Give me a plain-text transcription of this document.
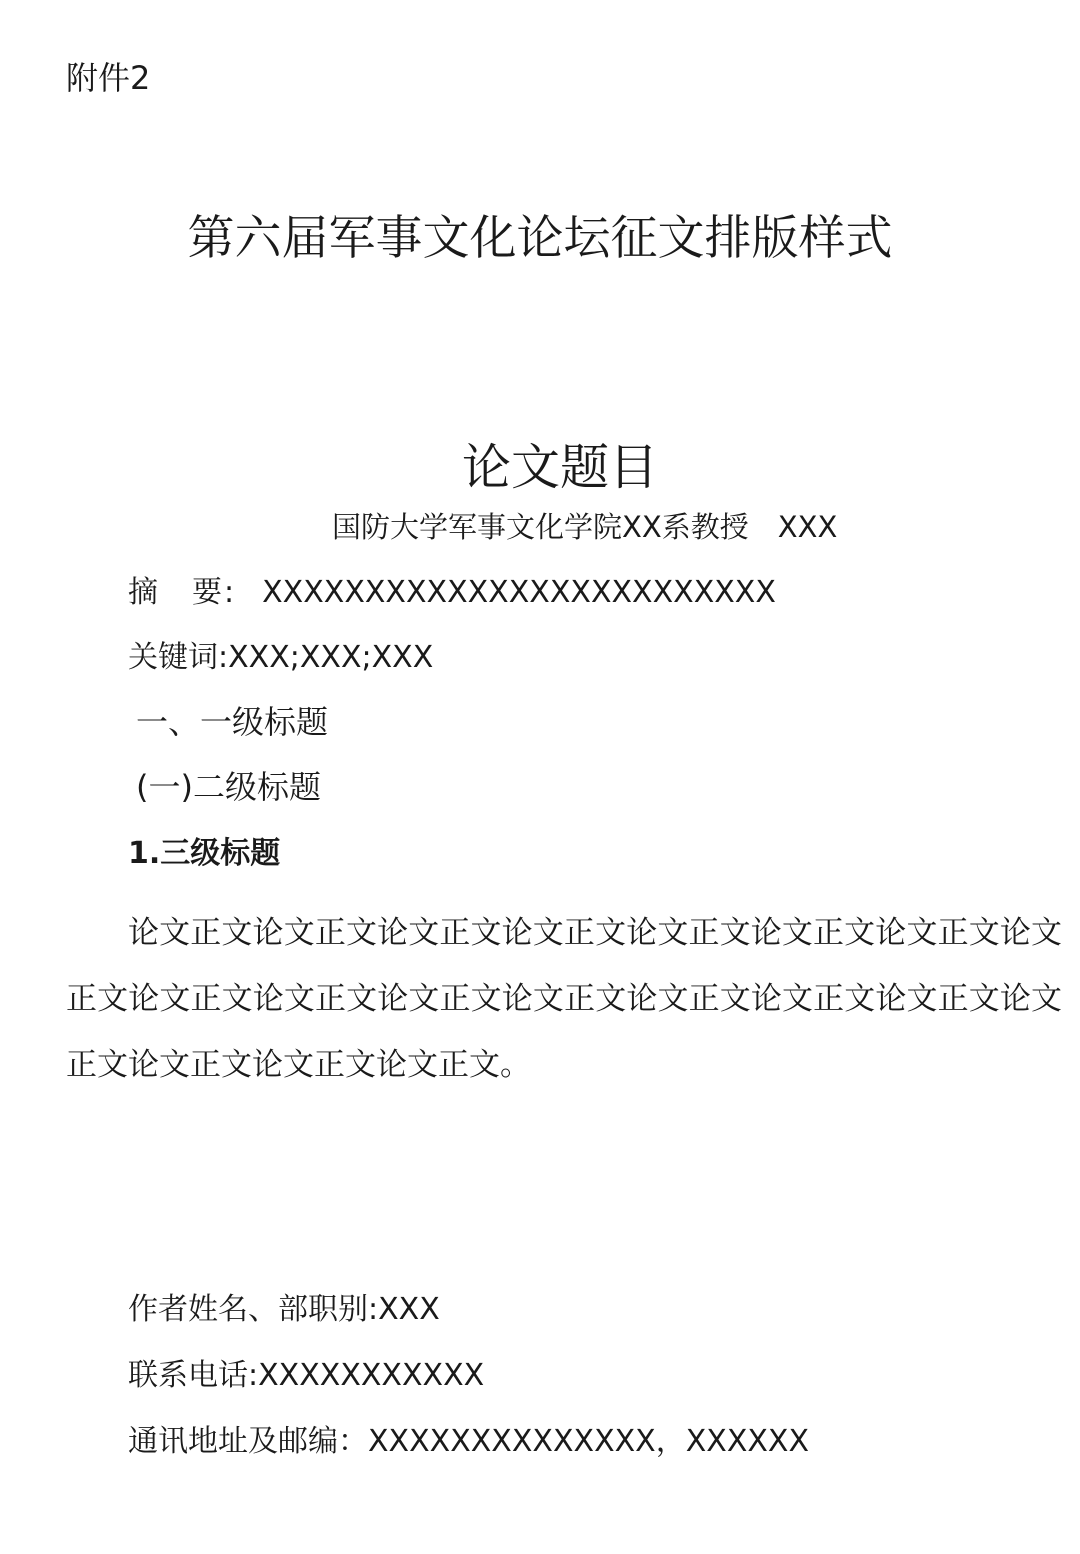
附件2
第六届军事文化论坛征文排版样式
论文题目
国防大学军事文化学院XX系教授　XXX
摘　要: XXXXXXXXXXXXXXXXXXXXXXXXX
关键词:XXX;XXX;XXX
一、一级标题
(一)二级标题
1.三级标题
论文正文论文正文论文正文论文正文论文正文论文正文论文正文论文正文论文正文论文正文论文正文论文正文论文正文论文正文论文正文论文正文论文正文论文正文论文正文。
作者姓名、部职别:XXX
联系电话:XXXXXXXXXXX
通讯地址及邮编：XXXXXXXXXXXXXX，XXXXXX
